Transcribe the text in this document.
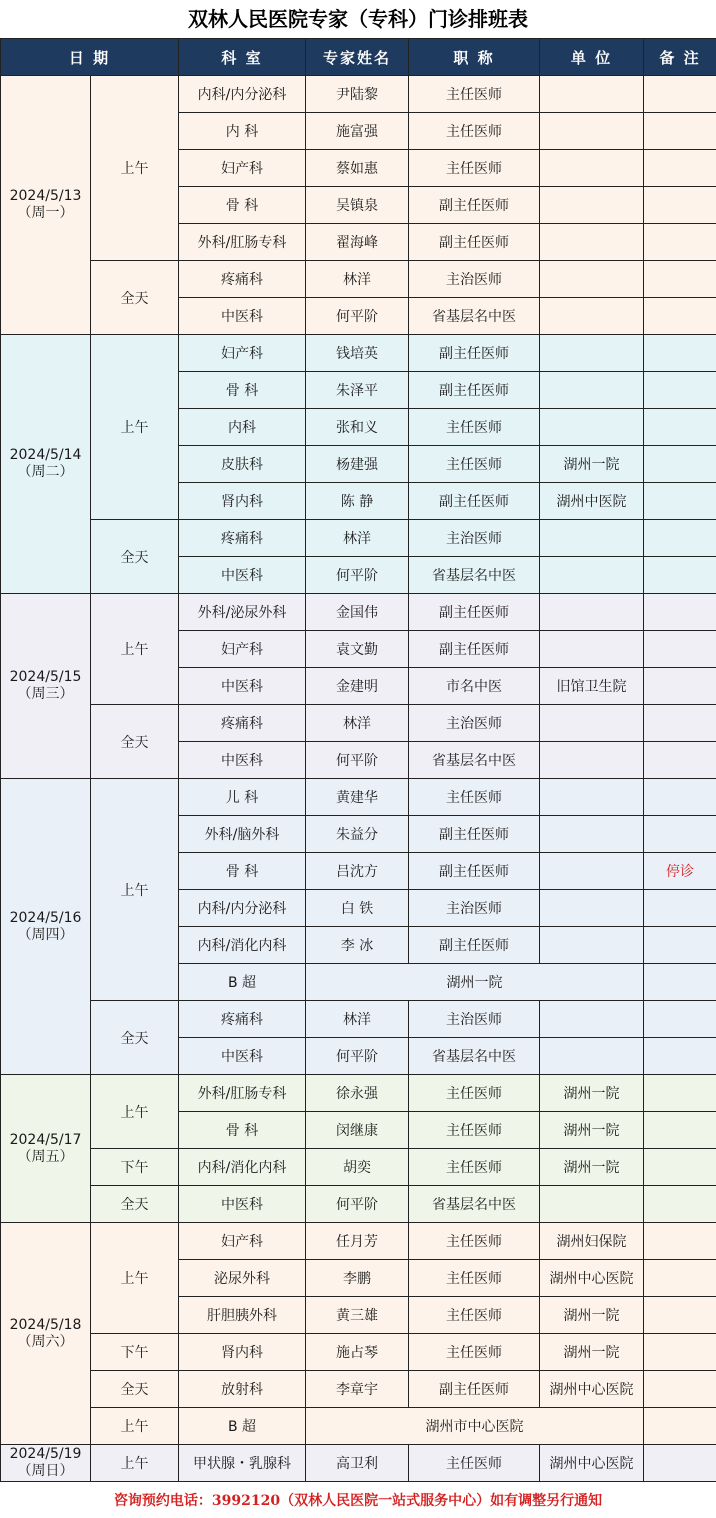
双林人民医院专家（专科）门诊排班表
日 期		科 室	专家姓名	职 称	单 位	备 注
2024/5/13
（周一）	上午	内科/内分泌科	尹陆黎	主任医师		
		内 科	施富强	主任医师		
		妇产科	蔡如惠	主任医师		
		骨 科	吴镇泉	副主任医师		
		外科/肛肠专科	翟海峰	副主任医师		
	全天	疼痛科	林洋	主治医师		
		中医科	何平阶	省基层名中医		
2024/5/14
（周二）	上午	妇产科	钱培英	副主任医师		
		骨 科	朱泽平	副主任医师		
		内科	张和义	主任医师		
		皮肤科	杨建强	主任医师	湖州一院	
		肾内科	陈 静	副主任医师	湖州中医院	
	全天	疼痛科	林洋	主治医师		
		中医科	何平阶	省基层名中医		
2024/5/15
（周三）	上午	外科/泌尿外科	金国伟	副主任医师		
		妇产科	袁文勤	副主任医师		
		中医科	金建明	市名中医	旧馆卫生院	
	全天	疼痛科	林洋	主治医师		
		中医科	何平阶	省基层名中医		
2024/5/16
（周四）	上午	儿 科	黄建华	主任医师		
		外科/脑外科	朱益分	副主任医师		
		骨 科	吕沈方	副主任医师		停诊
		内科/内分泌科	白 铁	主治医师		
		内科/消化内科	李 冰	副主任医师		
		B 超	湖州一院			
	全天	疼痛科	林洋	主治医师		
		中医科	何平阶	省基层名中医		
2024/5/17
（周五）	上午	外科/肛肠专科	徐永强	主任医师	湖州一院	
		骨 科	闵继康	主任医师	湖州一院	
	下午	内科/消化内科	胡奕	主任医师	湖州一院	
	全天	中医科	何平阶	省基层名中医		
2024/5/18
（周六）	上午	妇产科	任月芳	主任医师	湖州妇保院	
		泌尿外科	李鹏	主任医师	湖州中心医院	
		肝胆胰外科	黄三雄	主任医师	湖州一院	
	下午	肾内科	施占琴	主任医师	湖州一院	
	全天	放射科	李章宇	副主任医师	湖州中心医院	
	上午	B 超	湖州市中心医院			
2024/5/19
（周日）	上午	甲状腺・乳腺科	高卫利	主任医师	湖州中心医院	
咨询预约电话：3992120（双林人民医院一站式服务中心）如有调整另行通知
